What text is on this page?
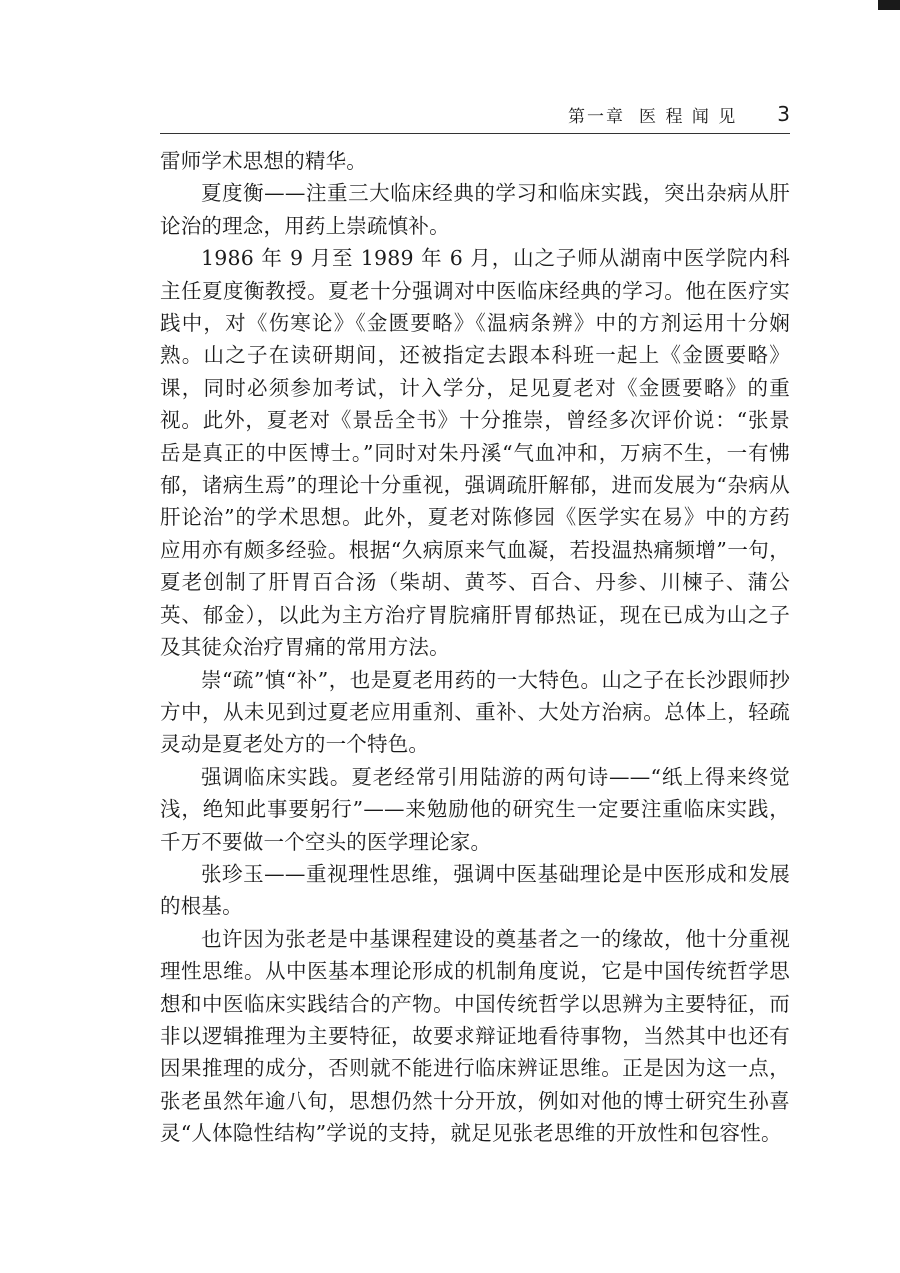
第一章 医 程 闻 见 3

雷师学术思想的精华。

夏度衡——注重三大临床经典的学习和临床实践，突出杂病从肝论治的理念，用药上崇疏慎补。

1986 年 9 月至 1989 年 6 月，山之子师从湖南中医学院内科主任夏度衡教授。夏老十分强调对中医临床经典的学习。他在医疗实践中，对《伤寒论》《金匮要略》《温病条辨》中的方剂运用十分娴熟。山之子在读研期间，还被指定去跟本科班一起上《金匮要略》课，同时必须参加考试，计入学分，足见夏老对《金匮要略》的重视。此外，夏老对《景岳全书》十分推崇，曾经多次评价说：“张景岳是真正的中医博士。”同时对朱丹溪“气血冲和，万病不生，一有怫郁，诸病生焉”的理论十分重视，强调疏肝解郁，进而发展为“杂病从肝论治”的学术思想。此外，夏老对陈修园《医学实在易》中的方药应用亦有颇多经验。根据“久病原来气血凝，若投温热痛频增”一句，夏老创制了肝胃百合汤（柴胡、黄芩、百合、丹参、川楝子、蒲公英、郁金），以此为主方治疗胃脘痛肝胃郁热证，现在已成为山之子及其徒众治疗胃痛的常用方法。

崇“疏”慎“补”，也是夏老用药的一大特色。山之子在长沙跟师抄方中，从未见到过夏老应用重剂、重补、大处方治病。总体上，轻疏灵动是夏老处方的一个特色。

强调临床实践。夏老经常引用陆游的两句诗——“纸上得来终觉浅，绝知此事要躬行”——来勉励他的研究生一定要注重临床实践，千万不要做一个空头的医学理论家。

张珍玉——重视理性思维，强调中医基础理论是中医形成和发展的根基。

也许因为张老是中基课程建设的奠基者之一的缘故，他十分重视理性思维。从中医基本理论形成的机制角度说，它是中国传统哲学思想和中医临床实践结合的产物。中国传统哲学以思辨为主要特征，而非以逻辑推理为主要特征，故要求辩证地看待事物，当然其中也还有因果推理的成分，否则就不能进行临床辨证思维。正是因为这一点，张老虽然年逾八旬，思想仍然十分开放，例如对他的博士研究生孙喜灵“人体隐性结构”学说的支持，就足见张老思维的开放性和包容性。
